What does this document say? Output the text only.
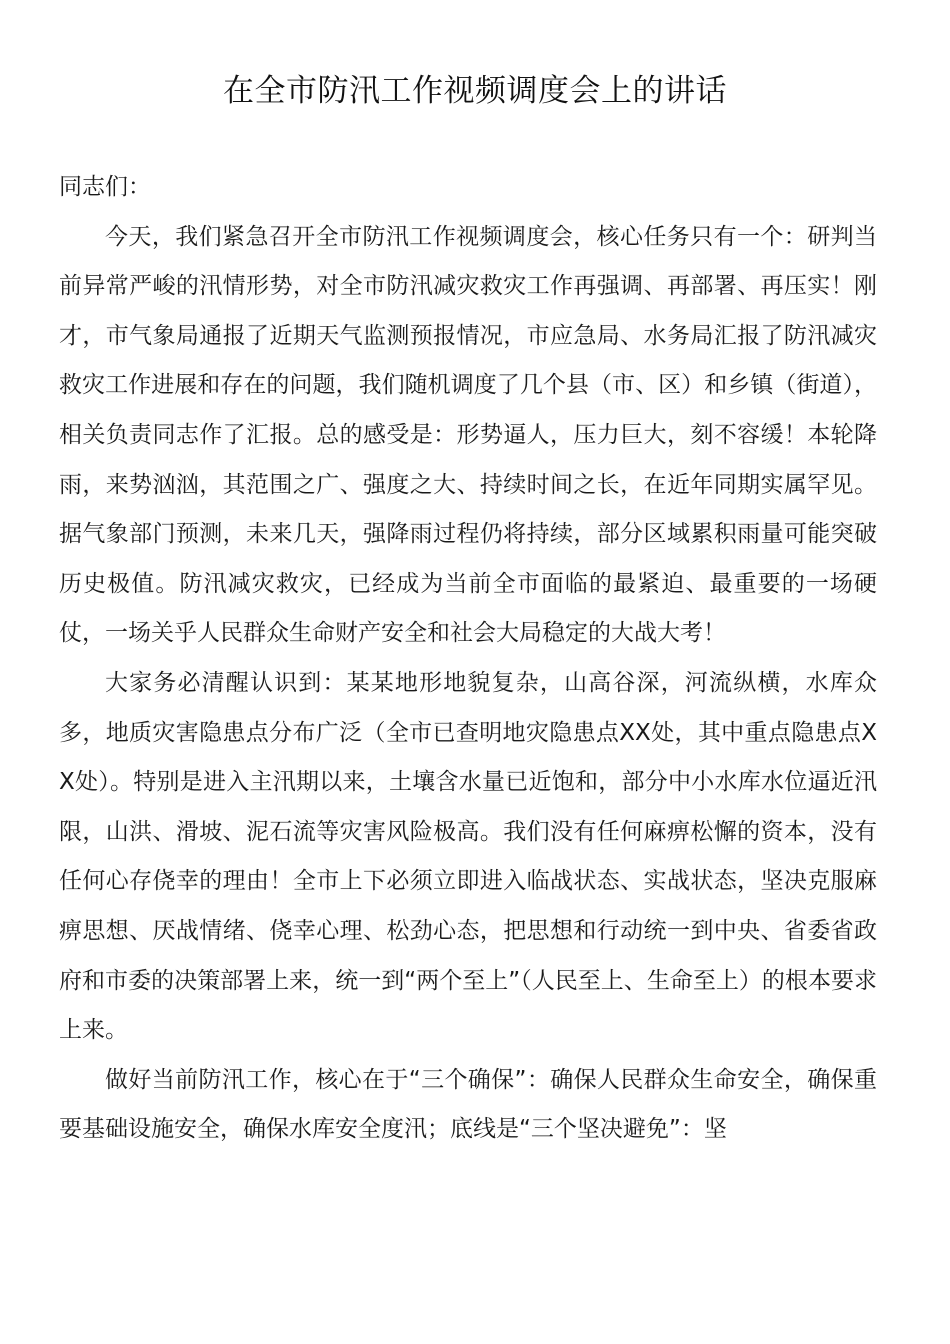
在全市防汛工作视频调度会上的讲话

同志们：

今天，我们紧急召开全市防汛工作视频调度会，核心任务只有一个：研判当前异常严峻的汛情形势，对全市防汛减灾救灾工作再强调、再部署、再压实！刚才，市气象局通报了近期天气监测预报情况，市应急局、水务局汇报了防汛减灾救灾工作进展和存在的问题，我们随机调度了几个县（市、区）和乡镇（街道），相关负责同志作了汇报。总的感受是：形势逼人，压力巨大，刻不容缓！本轮降雨，来势汹汹，其范围之广、强度之大、持续时间之长，在近年同期实属罕见。据气象部门预测，未来几天，强降雨过程仍将持续，部分区域累积雨量可能突破历史极值。防汛减灾救灾，已经成为当前全市面临的最紧迫、最重要的一场硬仗，一场关乎人民群众生命财产安全和社会大局稳定的大战大考！

大家务必清醒认识到：某某地形地貌复杂，山高谷深，河流纵横，水库众多，地质灾害隐患点分布广泛（全市已查明地灾隐患点XX处，其中重点隐患点XX处）。特别是进入主汛期以来，土壤含水量已近饱和，部分中小水库水位逼近汛限，山洪、滑坡、泥石流等灾害风险极高。我们没有任何麻痹松懈的资本，没有任何心存侥幸的理由！全市上下必须立即进入临战状态、实战状态，坚决克服麻痹思想、厌战情绪、侥幸心理、松劲心态，把思想和行动统一到中央、省委省政府和市委的决策部署上来，统一到“两个至上”（人民至上、生命至上）的根本要求上来。

做好当前防汛工作，核心在于“三个确保”：确保人民群众生命安全，确保重要基础设施安全，确保水库安全度汛；底线是“三个坚决避免”：坚
